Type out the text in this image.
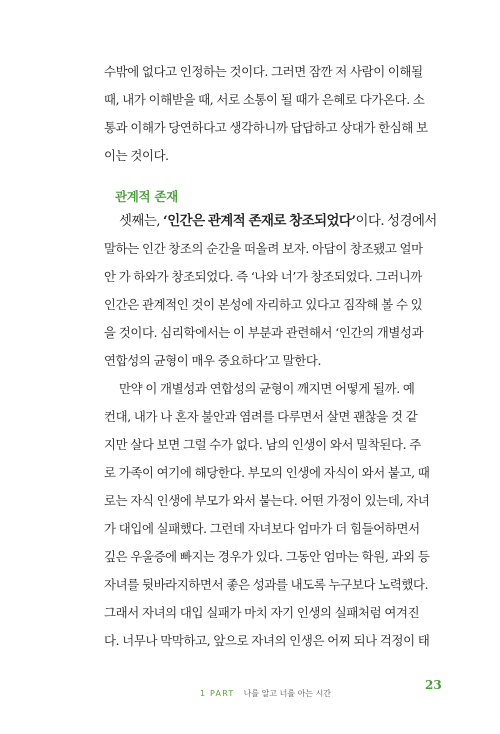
수밖에 없다고 인정하는 것이다. 그러면 잠깐 저 사람이 이해될
때, 내가 이해받을 때, 서로 소통이 될 때가 은혜로 다가온다. 소
통과 이해가 당연하다고 생각하니까 답답하고 상대가 한심해 보
이는 것이다.
관계적 존재
셋째는, ‘인간은 관계적 존재로 창조되었다’이다. 성경에서
말하는 인간 창조의 순간을 떠올려 보자. 아담이 창조됐고 얼마
안 가 하와가 창조되었다. 즉 ‘나와 너’가 창조되었다. 그러니까
인간은 관계적인 것이 본성에 자리하고 있다고 짐작해 볼 수 있
을 것이다. 심리학에서는 이 부분과 관련해서 ‘인간의 개별성과
연합성의 균형이 매우 중요하다’고 말한다.
만약 이 개별성과 연합성의 균형이 깨지면 어떻게 될까. 예
컨대, 내가 나 혼자 불안과 염려를 다루면서 살면 괜찮을 것 같
지만 살다 보면 그럴 수가 없다. 남의 인생이 와서 밀착된다. 주
로 가족이 여기에 해당한다. 부모의 인생에 자식이 와서 붙고, 때
로는 자식 인생에 부모가 와서 붙는다. 어떤 가정이 있는데, 자녀
가 대입에 실패했다. 그런데 자녀보다 엄마가 더 힘들어하면서
깊은 우울증에 빠지는 경우가 있다. 그동안 엄마는 학원, 과외 등
자녀를 뒷바라지하면서 좋은 성과를 내도록 누구보다 노력했다.
그래서 자녀의 대입 실패가 마치 자기 인생의 실패처럼 여겨진
다. 너무나 막막하고, 앞으로 자녀의 인생은 어찌 되나 걱정이 태
1 PART 나를 알고 너를 아는 시간
23
